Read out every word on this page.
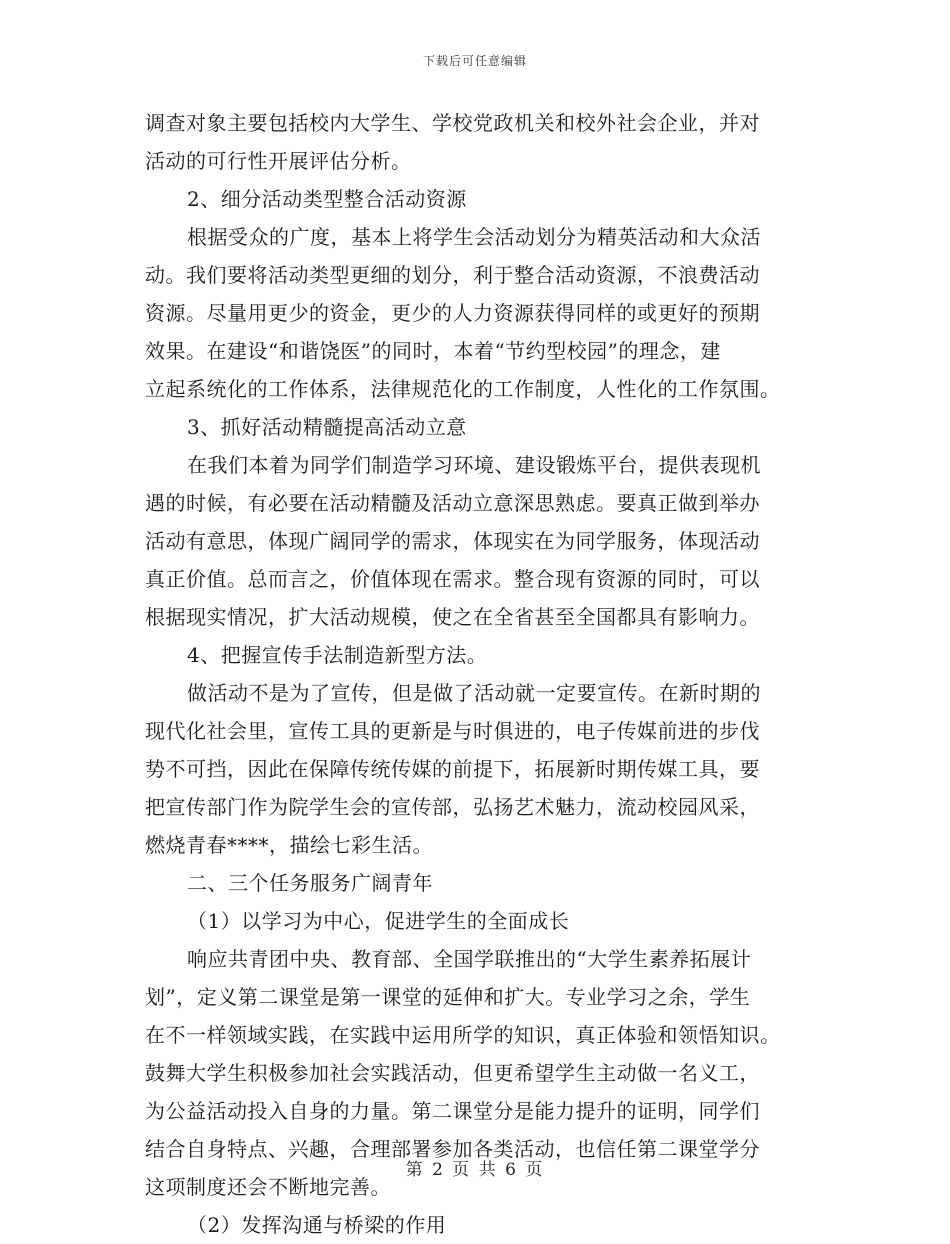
下载后可任意编辑
调查对象主要包括校内大学生、学校党政机关和校外社会企业，并对
活动的可行性开展评估分析。
2、细分活动类型整合活动资源
根据受众的广度，基本上将学生会活动划分为精英活动和大众活
动。我们要将活动类型更细的划分，利于整合活动资源，不浪费活动
资源。尽量用更少的资金，更少的人力资源获得同样的或更好的预期
效果。在建设“和谐饶医”的同时，本着“节约型校园”的理念，建
立起系统化的工作体系，法律规范化的工作制度，人性化的工作氛围。
3、抓好活动精髓提高活动立意
在我们本着为同学们制造学习环境、建设锻炼平台，提供表现机
遇的时候，有必要在活动精髓及活动立意深思熟虑。要真正做到举办
活动有意思，体现广阔同学的需求，体现实在为同学服务，体现活动
真正价值。总而言之，价值体现在需求。整合现有资源的同时，可以
根据现实情况，扩大活动规模，使之在全省甚至全国都具有影响力。
4、把握宣传手法制造新型方法。
做活动不是为了宣传，但是做了活动就一定要宣传。在新时期的
现代化社会里，宣传工具的更新是与时俱进的，电子传媒前进的步伐
势不可挡，因此在保障传统传媒的前提下，拓展新时期传媒工具，要
把宣传部门作为院学生会的宣传部，弘扬艺术魅力，流动校园风采，
燃烧青春****，描绘七彩生活。
二、三个任务服务广阔青年
（1）以学习为中心，促进学生的全面成长
响应共青团中央、教育部、全国学联推出的“大学生素养拓展计
划”，定义第二课堂是第一课堂的延伸和扩大。专业学习之余，学生
在不一样领域实践，在实践中运用所学的知识，真正体验和领悟知识。
鼓舞大学生积极参加社会实践活动，但更希望学生主动做一名义工，
为公益活动投入自身的力量。第二课堂分是能力提升的证明，同学们
结合自身特点、兴趣，合理部署参加各类活动，也信任第二课堂学分
这项制度还会不断地完善。
（2）发挥沟通与桥梁的作用
第 2 页 共 6 页
